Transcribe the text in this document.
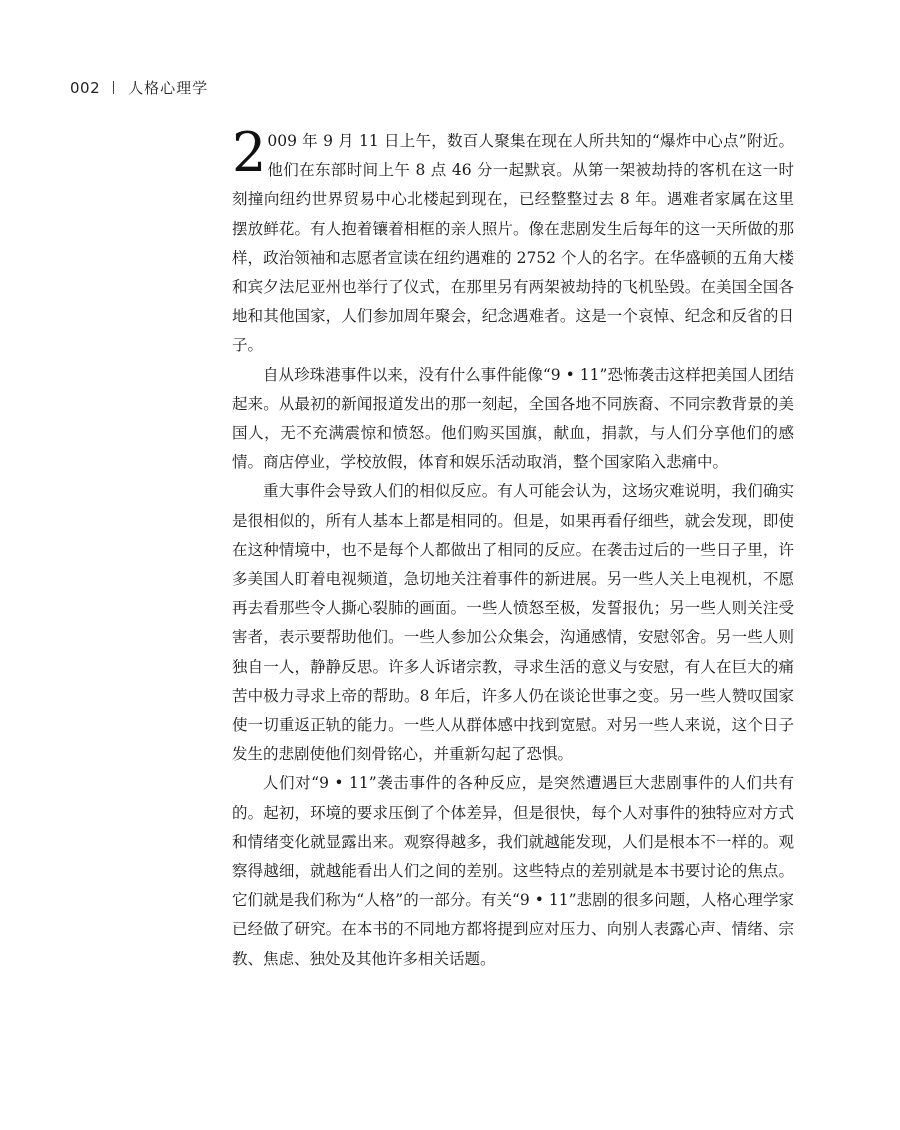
002 人格心理学

2 009 年 9 月 11 日上午，数百人聚集在现在人所共知的“爆炸中心点”附近。他们在东部时间上午 8 点 46 分一起默哀。从第一架被劫持的客机在这一时刻撞向纽约世界贸易中心北楼起到现在，已经整整过去 8 年。遇难者家属在这里摆放鲜花。有人抱着镶着相框的亲人照片。像在悲剧发生后每年的这一天所做的那样，政治领袖和志愿者宣读在纽约遇难的 2752 个人的名字。在华盛顿的五角大楼和宾夕法尼亚州也举行了仪式，在那里另有两架被劫持的飞机坠毁。在美国全国各地和其他国家，人们参加周年聚会，纪念遇难者。这是一个哀悼、纪念和反省的日子。

自从珍珠港事件以来，没有什么事件能像“9 • 11”恐怖袭击这样把美国人团结起来。从最初的新闻报道发出的那一刻起，全国各地不同族裔、不同宗教背景的美国人，无不充满震惊和愤怒。他们购买国旗，献血，捐款，与人们分享他们的感情。商店停业，学校放假，体育和娱乐活动取消，整个国家陷入悲痛中。

重大事件会导致人们的相似反应。有人可能会认为，这场灾难说明，我们确实是很相似的，所有人基本上都是相同的。但是，如果再看仔细些，就会发现，即使在这种情境中，也不是每个人都做出了相同的反应。在袭击过后的一些日子里，许多美国人盯着电视频道，急切地关注着事件的新进展。另一些人关上电视机，不愿再去看那些令人撕心裂肺的画面。一些人愤怒至极，发誓报仇；另一些人则关注受害者，表示要帮助他们。一些人参加公众集会，沟通感情，安慰邻舍。另一些人则独自一人，静静反思。许多人诉诸宗教，寻求生活的意义与安慰，有人在巨大的痛苦中极力寻求上帝的帮助。8 年后，许多人仍在谈论世事之变。另一些人赞叹国家使一切重返正轨的能力。一些人从群体感中找到宽慰。对另一些人来说，这个日子发生的悲剧使他们刻骨铭心，并重新勾起了恐惧。

人们对“9 • 11”袭击事件的各种反应，是突然遭遇巨大悲剧事件的人们共有的。起初，环境的要求压倒了个体差异，但是很快，每个人对事件的独特应对方式和情绪变化就显露出来。观察得越多，我们就越能发现，人们是根本不一样的。观察得越细，就越能看出人们之间的差别。这些特点的差别就是本书要讨论的焦点。它们就是我们称为“人格”的一部分。有关“9 • 11”悲剧的很多问题，人格心理学家已经做了研究。在本书的不同地方都将提到应对压力、向别人表露心声、情绪、宗教、焦虑、独处及其他许多相关话题。
